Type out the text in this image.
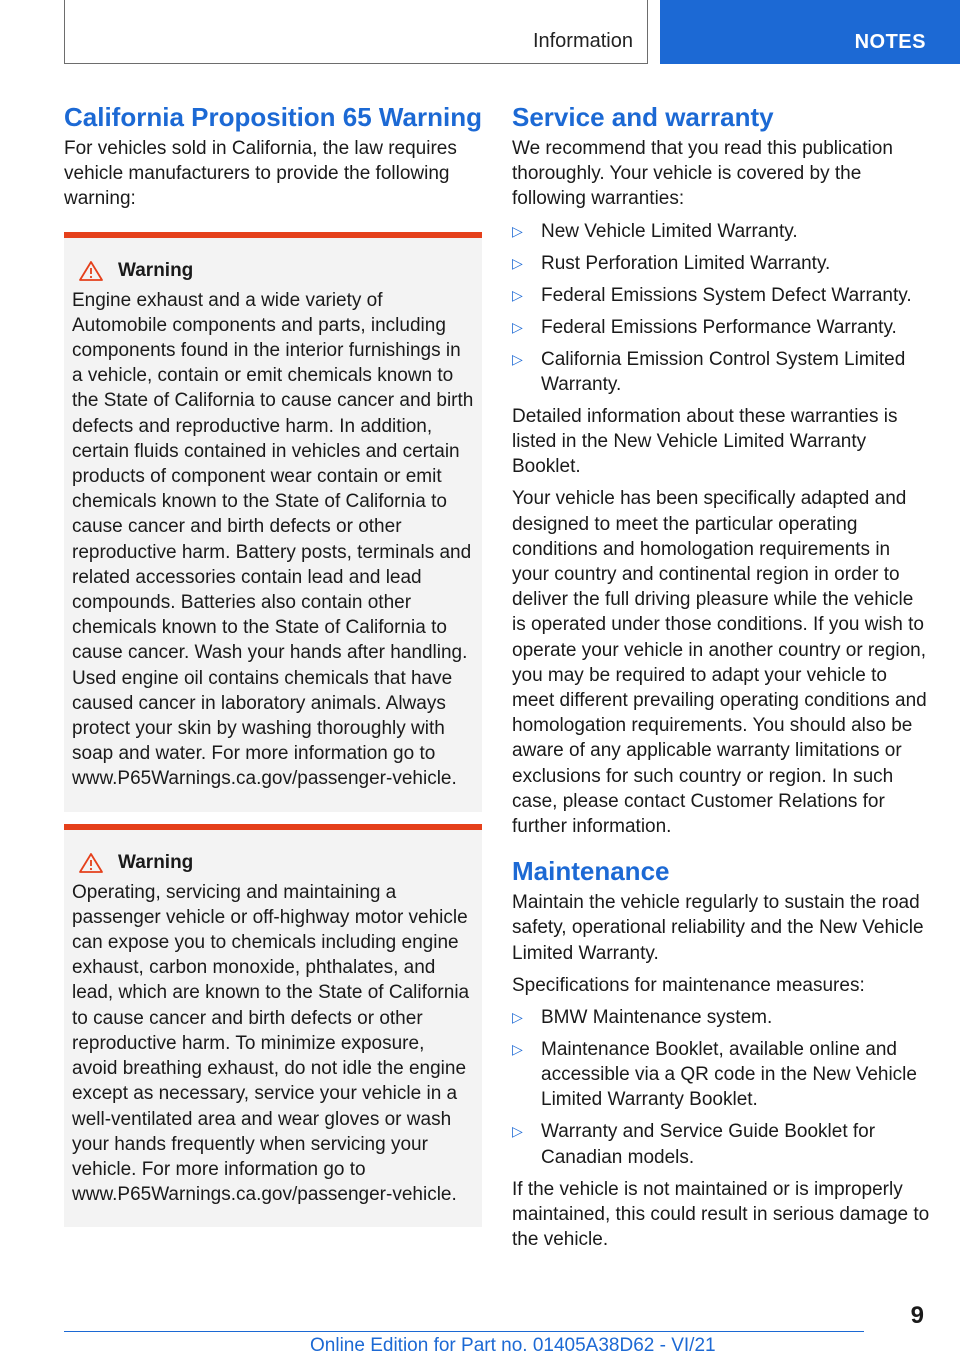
Information	NOTES
California Proposition 65 Warning

For vehicles sold in California, the law requires vehicle manufacturers to provide the following warning:

Warning

Engine exhaust and a wide variety of Automobile components and parts, including components found in the interior furnishings in a vehicle, contain or emit chemicals known to the State of California to cause cancer and birth defects and reproductive harm. In addition, certain fluids contained in vehicles and certain products of component wear contain or emit chemicals known to the State of California to cause cancer and birth defects or other reproductive harm. Battery posts, terminals and related accessories contain lead and lead compounds. Batteries also contain other chemicals known to the State of California to cause cancer. Wash your hands after handling. Used engine oil contains chemicals that have caused cancer in laboratory animals. Always protect your skin by washing thoroughly with soap and water. For more information go to www.P65Warnings.ca.gov/passenger-vehicle.

Warning

Operating, servicing and maintaining a passenger vehicle or off-highway motor vehicle can expose you to chemicals including engine exhaust, carbon monoxide, phthalates, and lead, which are known to the State of California to cause cancer and birth defects or other reproductive harm. To minimize exposure, avoid breathing exhaust, do not idle the engine except as necessary, service your vehicle in a well-ventilated area and wear gloves or wash your hands frequently when servicing your vehicle. For more information go to www.P65Warnings.ca.gov/passenger-vehicle.

Service and warranty

We recommend that you read this publication thoroughly. Your vehicle is covered by the following warranties:

▷ New Vehicle Limited Warranty.
▷ Rust Perforation Limited Warranty.
▷ Federal Emissions System Defect Warranty.
▷ Federal Emissions Performance Warranty.
▷ California Emission Control System Limited Warranty.

Detailed information about these warranties is listed in the New Vehicle Limited Warranty Booklet.

Your vehicle has been specifically adapted and designed to meet the particular operating conditions and homologation requirements in your country and continental region in order to deliver the full driving pleasure while the vehicle is operated under those conditions. If you wish to operate your vehicle in another country or region, you may be required to adapt your vehicle to meet different prevailing operating conditions and homologation requirements. You should also be aware of any applicable warranty limitations or exclusions for such country or region. In such case, please contact Customer Relations for further information.

Maintenance

Maintain the vehicle regularly to sustain the road safety, operational reliability and the New Vehicle Limited Warranty.

Specifications for maintenance measures:

▷ BMW Maintenance system.
▷ Maintenance Booklet, available online and accessible via a QR code in the New Vehicle Limited Warranty Booklet.
▷ Warranty and Service Guide Booklet for Canadian models.

If the vehicle is not maintained or is improperly maintained, this could result in serious damage to the vehicle.

9
Online Edition for Part no. 01405A38D62 - VI/21
